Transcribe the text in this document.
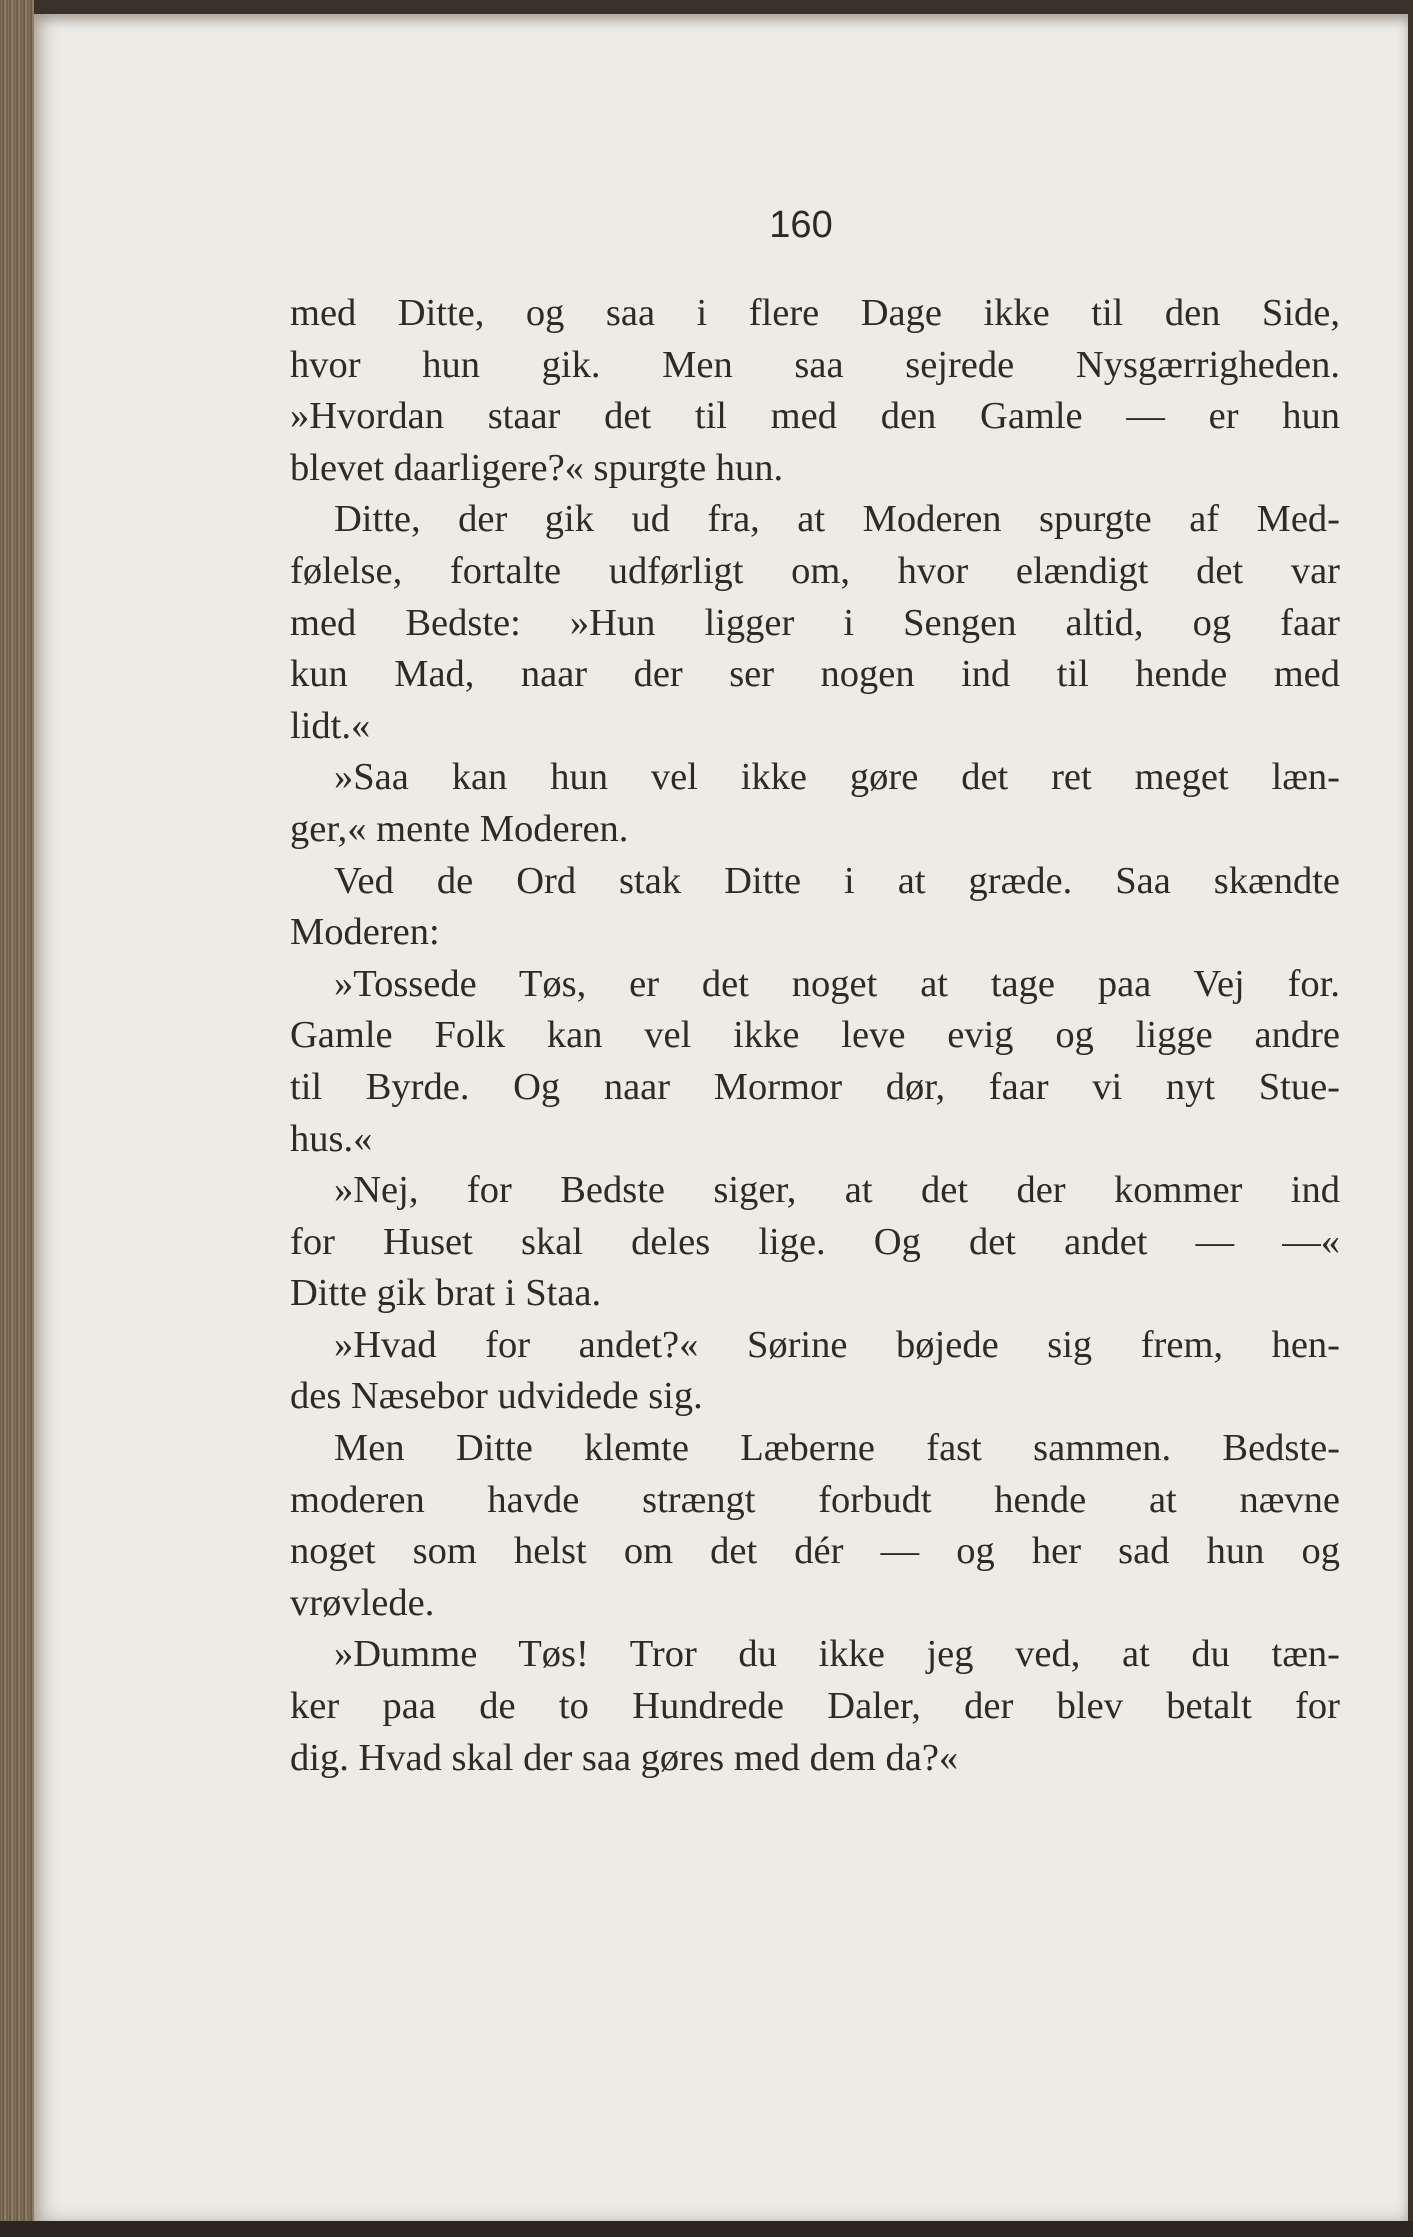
160
med Ditte, og saa i flere Dage ikke til den Side,
hvor hun gik. Men saa sejrede Nysgærrigheden.
»Hvordan staar det til med den Gamle — er hun
blevet daarligere?« spurgte hun.
Ditte, der gik ud fra, at Moderen spurgte af Med-
følelse, fortalte udførligt om, hvor elændigt det var
med Bedste: »Hun ligger i Sengen altid, og faar
kun Mad, naar der ser nogen ind til hende med
lidt.«
»Saa kan hun vel ikke gøre det ret meget læn-
ger,« mente Moderen.
Ved de Ord stak Ditte i at græde. Saa skændte
Moderen:
»Tossede Tøs, er det noget at tage paa Vej for.
Gamle Folk kan vel ikke leve evig og ligge andre
til Byrde. Og naar Mormor dør, faar vi nyt Stue-
hus.«
»Nej, for Bedste siger, at det der kommer ind
for Huset skal deles lige. Og det andet — —«
Ditte gik brat i Staa.
»Hvad for andet?« Sørine bøjede sig frem, hen-
des Næsebor udvidede sig.
Men Ditte klemte Læberne fast sammen. Bedste-
moderen havde strængt forbudt hende at nævne
noget som helst om det dér — og her sad hun og
vrøvlede.
»Dumme Tøs! Tror du ikke jeg ved, at du tæn-
ker paa de to Hundrede Daler, der blev betalt for
dig. Hvad skal der saa gøres med dem da?«
